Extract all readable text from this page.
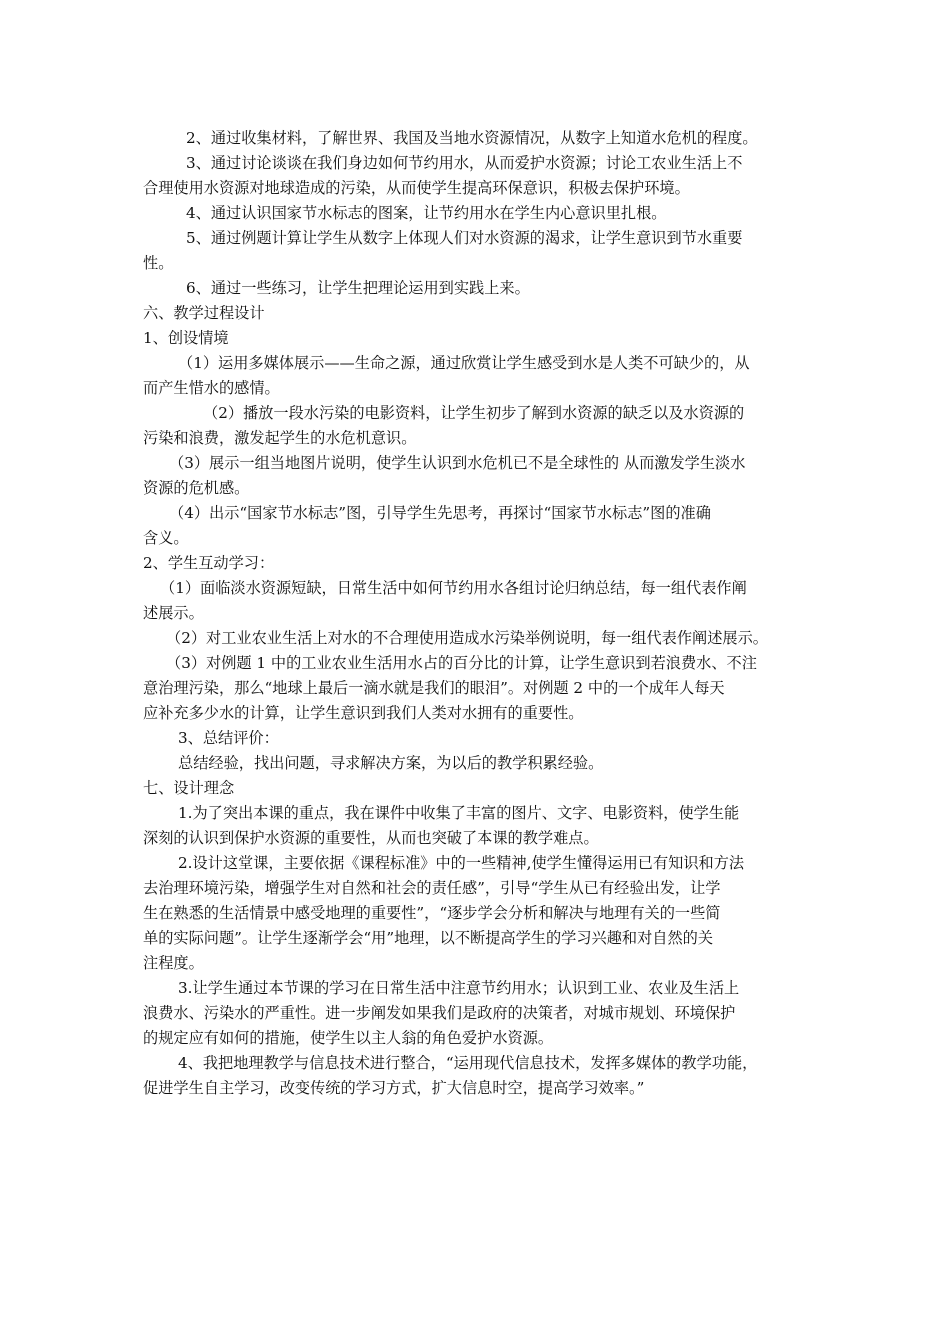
2、通过收集材料，了解世界、我国及当地水资源情况，从数字上知道水危机的程度。

3、通过讨论谈谈在我们身边如何节约用水，从而爱护水资源；讨论工农业生活上不

合理使用水资源对地球造成的污染，从而使学生提高环保意识，积极去保护环境。

4、通过认识国家节水标志的图案，让节约用水在学生内心意识里扎根。

5、通过例题计算让学生从数字上体现人们对水资源的渴求，让学生意识到节水重要

性。

6、通过一些练习，让学生把理论运用到实践上来。

六、教学过程设计

1、创设情境

（1）运用多媒体展示——生命之源，通过欣赏让学生感受到水是人类不可缺少的，从

而产生惜水的感情。

（2）播放一段水污染的电影资料，让学生初步了解到水资源的缺乏以及水资源的

污染和浪费，激发起学生的水危机意识。

（3）展示一组当地图片说明，使学生认识到水危机已不是全球性的 从而激发学生淡水

资源的危机感。

（4）出示“国家节水标志”图，引导学生先思考，再探讨“国家节水标志”图的准确

含义。

2、学生互动学习：

（1）面临淡水资源短缺，日常生活中如何节约用水各组讨论归纳总结，每一组代表作阐

述展示。

（2）对工业农业生活上对水的不合理使用造成水污染举例说明，每一组代表作阐述展示。

（3）对例题 1 中的工业农业生活用水占的百分比的计算，让学生意识到若浪费水、不注

意治理污染，那么“地球上最后一滴水就是我们的眼泪”。对例题 2 中的一个成年人每天

应补充多少水的计算，让学生意识到我们人类对水拥有的重要性。

3、总结评价：

总结经验，找出问题，寻求解决方案，为以后的教学积累经验。

七、设计理念

1.为了突出本课的重点，我在课件中收集了丰富的图片、文字、电影资料，使学生能

深刻的认识到保护水资源的重要性，从而也突破了本课的教学难点。

2.设计这堂课，主要依据《课程标准》中的一些精神,使学生懂得运用已有知识和方法

去治理环境污染，增强学生对自然和社会的责任感”，引导“学生从已有经验出发，让学

生在熟悉的生活情景中感受地理的重要性”，“逐步学会分析和解决与地理有关的一些简

单的实际问题”。让学生逐渐学会“用”地理，以不断提高学生的学习兴趣和对自然的关

注程度。

3.让学生通过本节课的学习在日常生活中注意节约用水；认识到工业、农业及生活上

浪费水、污染水的严重性。进一步阐发如果我们是政府的决策者，对城市规划、环境保护

的规定应有如何的措施，使学生以主人翁的角色爱护水资源。

4、我把地理教学与信息技术进行整合，“运用现代信息技术，发挥多媒体的教学功能，

促进学生自主学习，改变传统的学习方式，扩大信息时空，提高学习效率。”
